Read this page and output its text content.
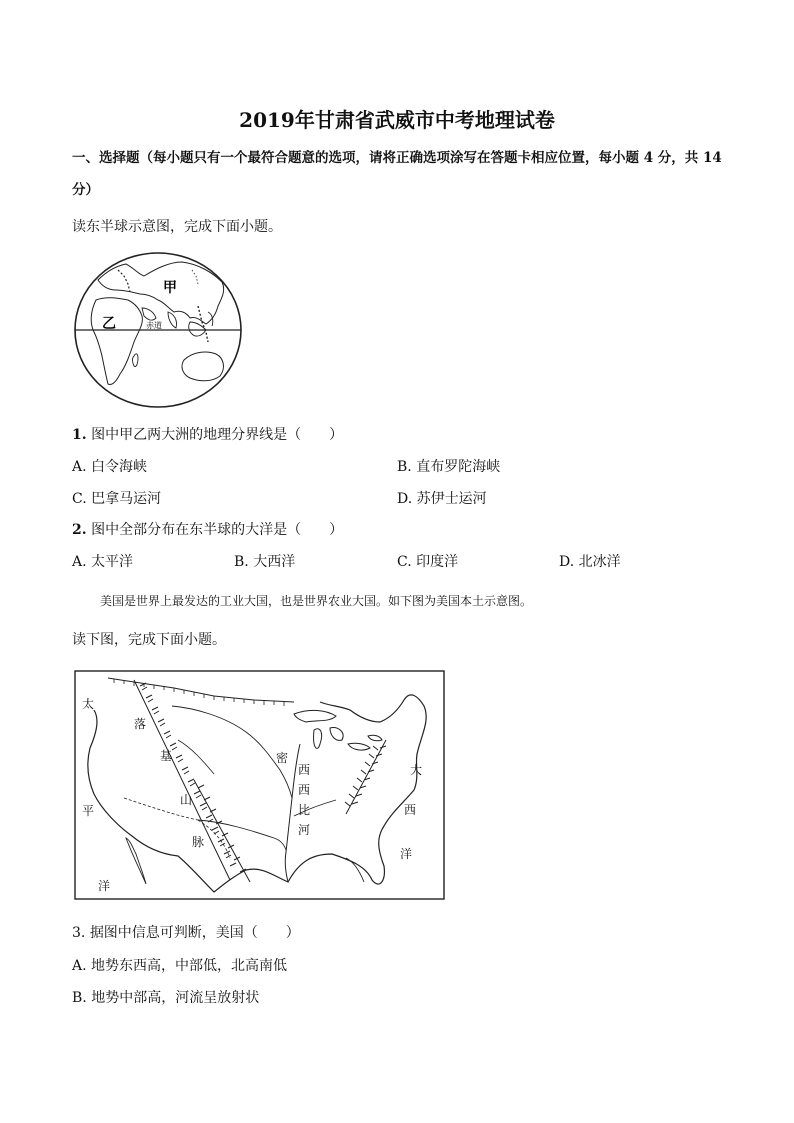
2019年甘肃省武威市中考地理试卷
一、选择题（每小题只有一个最符合题意的选项，请将正确选项涂写在答题卡相应位置，每小题 4 分，共 14
分）
读东半球示意图，完成下面小题。
甲
乙	赤道
1. 图中甲乙两大洲的地理分界线是（　　）
A. 白令海峡	B. 直布罗陀海峡
C. 巴拿马运河	D. 苏伊士运河
2. 图中全部分布在东半球的大洋是（　　）
A. 太平洋	B. 大西洋	C. 印度洋	D. 北冰洋
美国是世界上最发达的工业大国，也是世界农业大国。如下图为美国本土示意图。
读下图，完成下面小题。
太
平
洋
落
基
山
脉
密
西
西
比
河
大
西
洋
3. 据图中信息可判断，美国（　　）
A. 地势东西高，中部低，北高南低
B. 地势中部高，河流呈放射状
